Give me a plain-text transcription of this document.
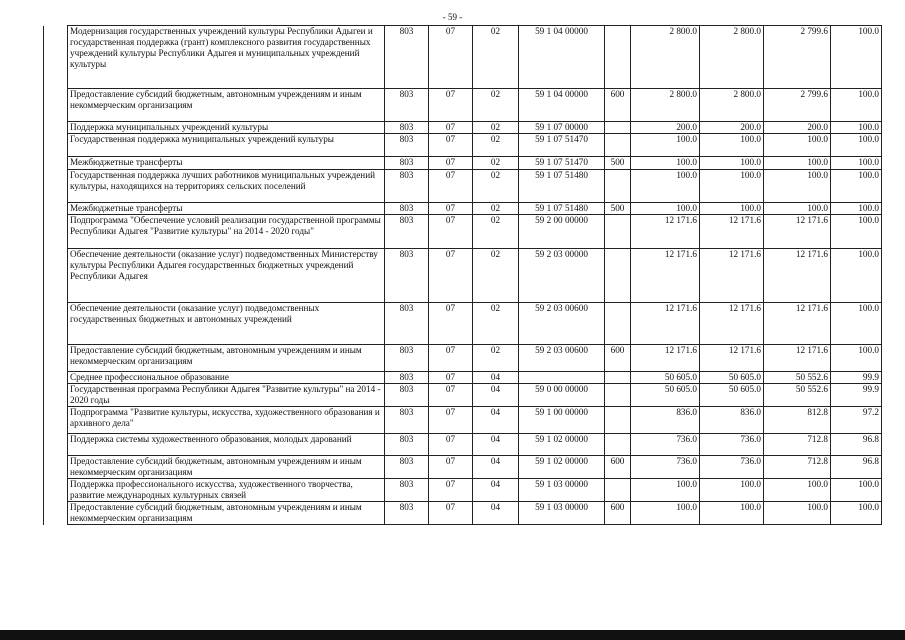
- 59 -
	Модернизация государственных учреждений культуры Республики Адыгеи и государственная поддержка (грант) комплексного развития государственных учреждений культуры Республики Адыгея и муниципальных учреждений культуры	803	07	02	59 1 04 00000		2 800.0	2 800.0	2 799.6	100.0
	Предоставление субсидий бюджетным, автономным учреждениям и иным некоммерческим организациям	803	07	02	59 1 04 00000	600	2 800.0	2 800.0	2 799.6	100.0
	Поддержка муниципальных учреждений культуры	803	07	02	59 1 07 00000		200.0	200.0	200.0	100.0
	Государственная поддержка муниципальных учреждений культуры	803	07	02	59 1 07 51470		100.0	100.0	100.0	100.0
	Межбюджетные трансферты	803	07	02	59 1 07 51470	500	100.0	100.0	100.0	100.0
	Государственная поддержка лучших работников муниципальных учреждений культуры, находящихся на территориях сельских поселений	803	07	02	59 1 07 51480		100.0	100.0	100.0	100.0
	Межбюджетные трансферты	803	07	02	59 1 07 51480	500	100.0	100.0	100.0	100.0
	Подпрограмма "Обеспечение условий реализации государственной программы Республики Адыгея "Развитие культуры" на 2014 - 2020 годы"	803	07	02	59 2 00 00000		12 171.6	12 171.6	12 171.6	100.0
	Обеспечение деятельности (оказание услуг) подведомственных Министерству культуры Республики Адыгея государственных бюджетных учреждений Республики Адыгея	803	07	02	59 2 03 00000		12 171.6	12 171.6	12 171.6	100.0
	Обеспечение деятельности (оказание услуг) подведомственных государственных бюджетных и автономных учреждений	803	07	02	59 2 03 00600		12 171.6	12 171.6	12 171.6	100.0
	Предоставление субсидий бюджетным, автономным учреждениям и иным некоммерческим организациям	803	07	02	59 2 03 00600	600	12 171.6	12 171.6	12 171.6	100.0
	Среднее профессиональное образование	803	07	04			50 605.0	50 605.0	50 552.6	99.9
	Государственная программа Республики Адыгея "Развитие культуры" на 2014 - 2020 годы	803	07	04	59 0 00 00000		50 605.0	50 605.0	50 552.6	99.9
	Подпрограмма "Развитие культуры, искусства, художественного образования и архивного дела"	803	07	04	59 1 00 00000		836.0	836.0	812.8	97.2
	Поддержка системы художественного образования, молодых дарований	803	07	04	59 1 02 00000		736.0	736.0	712.8	96.8
	Предоставление субсидий бюджетным, автономным учреждениям и иным некоммерческим организациям	803	07	04	59 1 02 00000	600	736.0	736.0	712.8	96.8
	Поддержка профессионального искусства, художественного творчества, развитие международных культурных связей	803	07	04	59 1 03 00000		100.0	100.0	100.0	100.0
	Предоставление субсидий бюджетным, автономным учреждениям и иным некоммерческим организациям	803	07	04	59 1 03 00000	600	100.0	100.0	100.0	100.0
